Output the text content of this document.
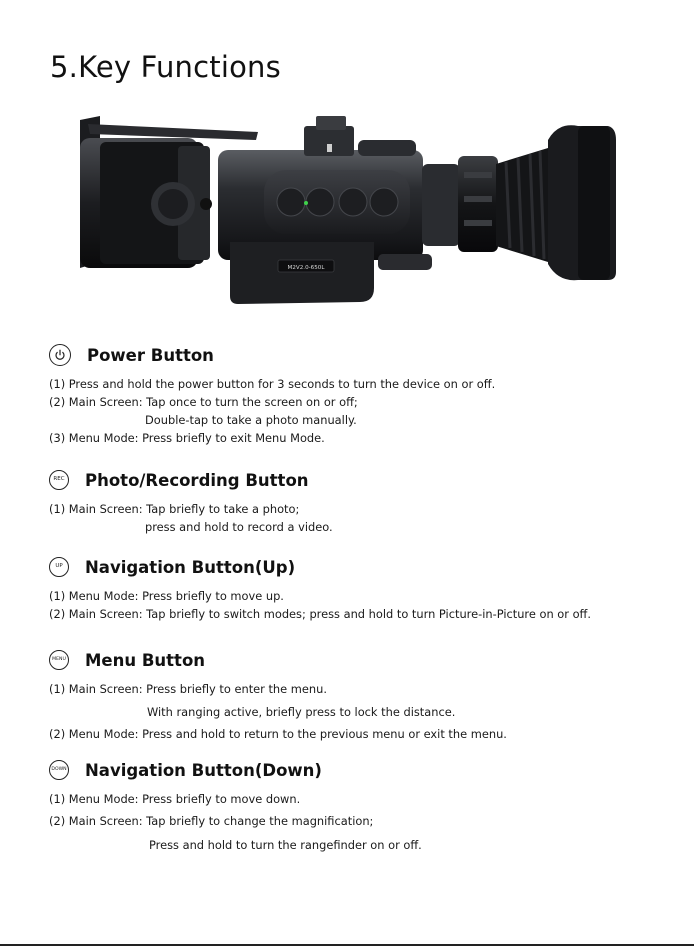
5.Key Functions
M2V2.0-650L
Power Button
(1) Press and hold the power button for 3 seconds to turn the device on or off.
(2) Main Screen: Tap once to turn the screen on or off;
Double-tap to take a photo manually.
(3) Menu Mode: Press briefly to exit Menu Mode.
REC Photo/Recording Button
(1) Main Screen: Tap briefly to take a photo;
press and hold to record a video.
UP Navigation Button(Up)
(1) Menu Mode: Press briefly to move up.
(2) Main Screen: Tap briefly to switch modes; press and hold to turn Picture-in-Picture on or off.
MENU Menu Button
(1) Main Screen: Press briefly to enter the menu.
With ranging active, briefly press to lock the distance.
(2) Menu Mode: Press and hold to return to the previous menu or exit the menu.
DOWN Navigation Button(Down)
(1) Menu Mode: Press briefly to move down.
(2) Main Screen: Tap briefly to change the magnification;
Press and hold to turn the rangefinder on or off.
